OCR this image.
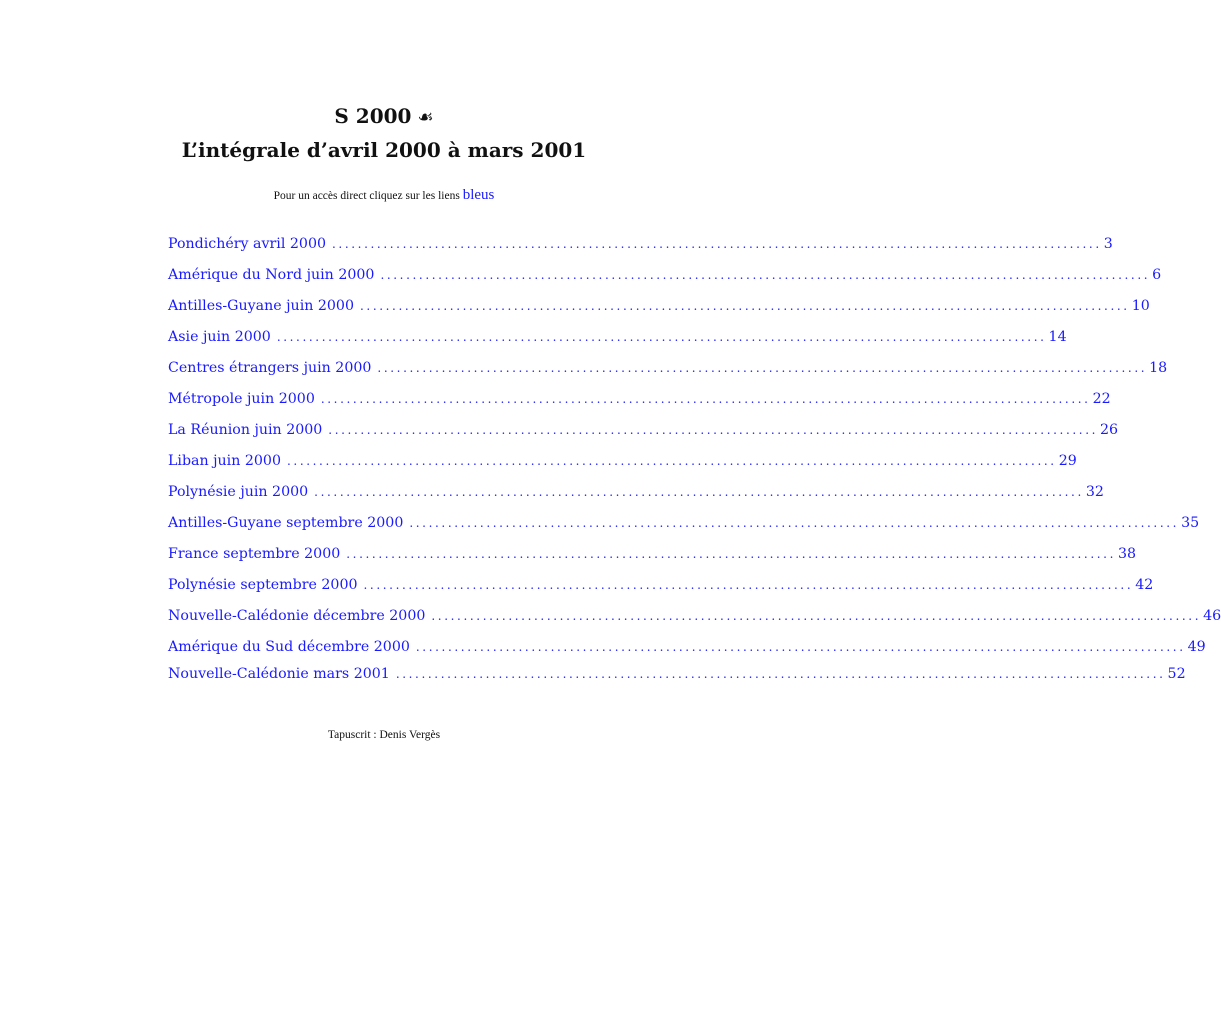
S 2000 ☙

L’intégrale d’avril 2000 à mars 2001

Pour un accès direct cliquez sur les liens bleus
Pondichéry avril 2000 ........................................................................................................................ 3
Amérique du Nord juin 2000 ........................................................................................................................ 6
Antilles-Guyane juin 2000 ........................................................................................................................ 10
Asie juin 2000 ........................................................................................................................ 14
Centres étrangers juin 2000 ........................................................................................................................ 18
Métropole juin 2000 ........................................................................................................................ 22
La Réunion juin 2000 ........................................................................................................................ 26
Liban juin 2000 ........................................................................................................................ 29
Polynésie juin 2000 ........................................................................................................................ 32
Antilles-Guyane septembre 2000 ........................................................................................................................ 35
France septembre 2000 ........................................................................................................................ 38
Polynésie septembre 2000 ........................................................................................................................ 42
Nouvelle-Calédonie décembre 2000 ........................................................................................................................ 46
Amérique du Sud décembre 2000 ........................................................................................................................ 49
Nouvelle-Calédonie mars 2001 ........................................................................................................................ 52
Tapuscrit : Denis Vergès
